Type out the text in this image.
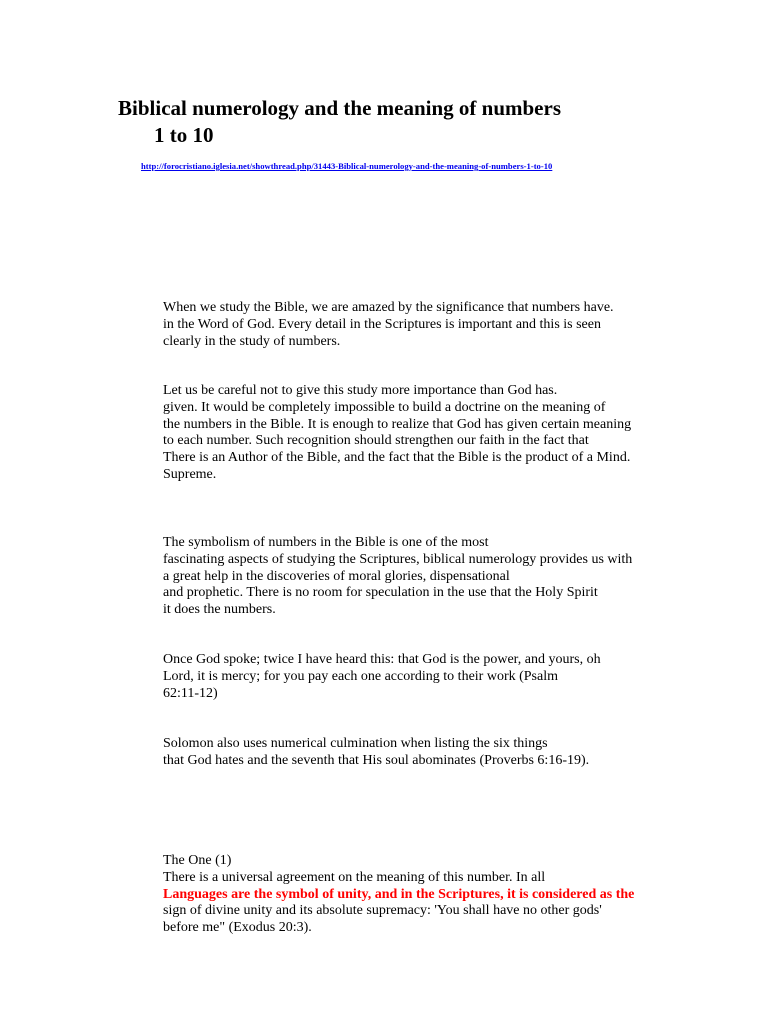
Biblical numerology and the meaning of numbers
1 to 10
http://forocristiano.iglesia.net/showthread.php/31443-Biblical-numerology-and-the-meaning-of-numbers-1-to-10

When we study the Bible, we are amazed by the significance that numbers have.
in the Word of God. Every detail in the Scriptures is important and this is seen
clearly in the study of numbers.

Let us be careful not to give this study more importance than God has.
given. It would be completely impossible to build a doctrine on the meaning of
the numbers in the Bible. It is enough to realize that God has given certain meaning
to each number. Such recognition should strengthen our faith in the fact that
There is an Author of the Bible, and the fact that the Bible is the product of a Mind.
Supreme.

The symbolism of numbers in the Bible is one of the most
fascinating aspects of studying the Scriptures, biblical numerology provides us with
a great help in the discoveries of moral glories, dispensational
and prophetic. There is no room for speculation in the use that the Holy Spirit
it does the numbers.

Once God spoke; twice I have heard this: that God is the power, and yours, oh
Lord, it is mercy; for you pay each one according to their work (Psalm
62:11-12)

Solomon also uses numerical culmination when listing the six things
that God hates and the seventh that His soul abominates (Proverbs 6:16-19).

The One (1)
There is a universal agreement on the meaning of this number. In all
Languages are the symbol of unity, and in the Scriptures, it is considered as the
sign of divine unity and its absolute supremacy: 'You shall have no other gods'
before me" (Exodus 20:3).
